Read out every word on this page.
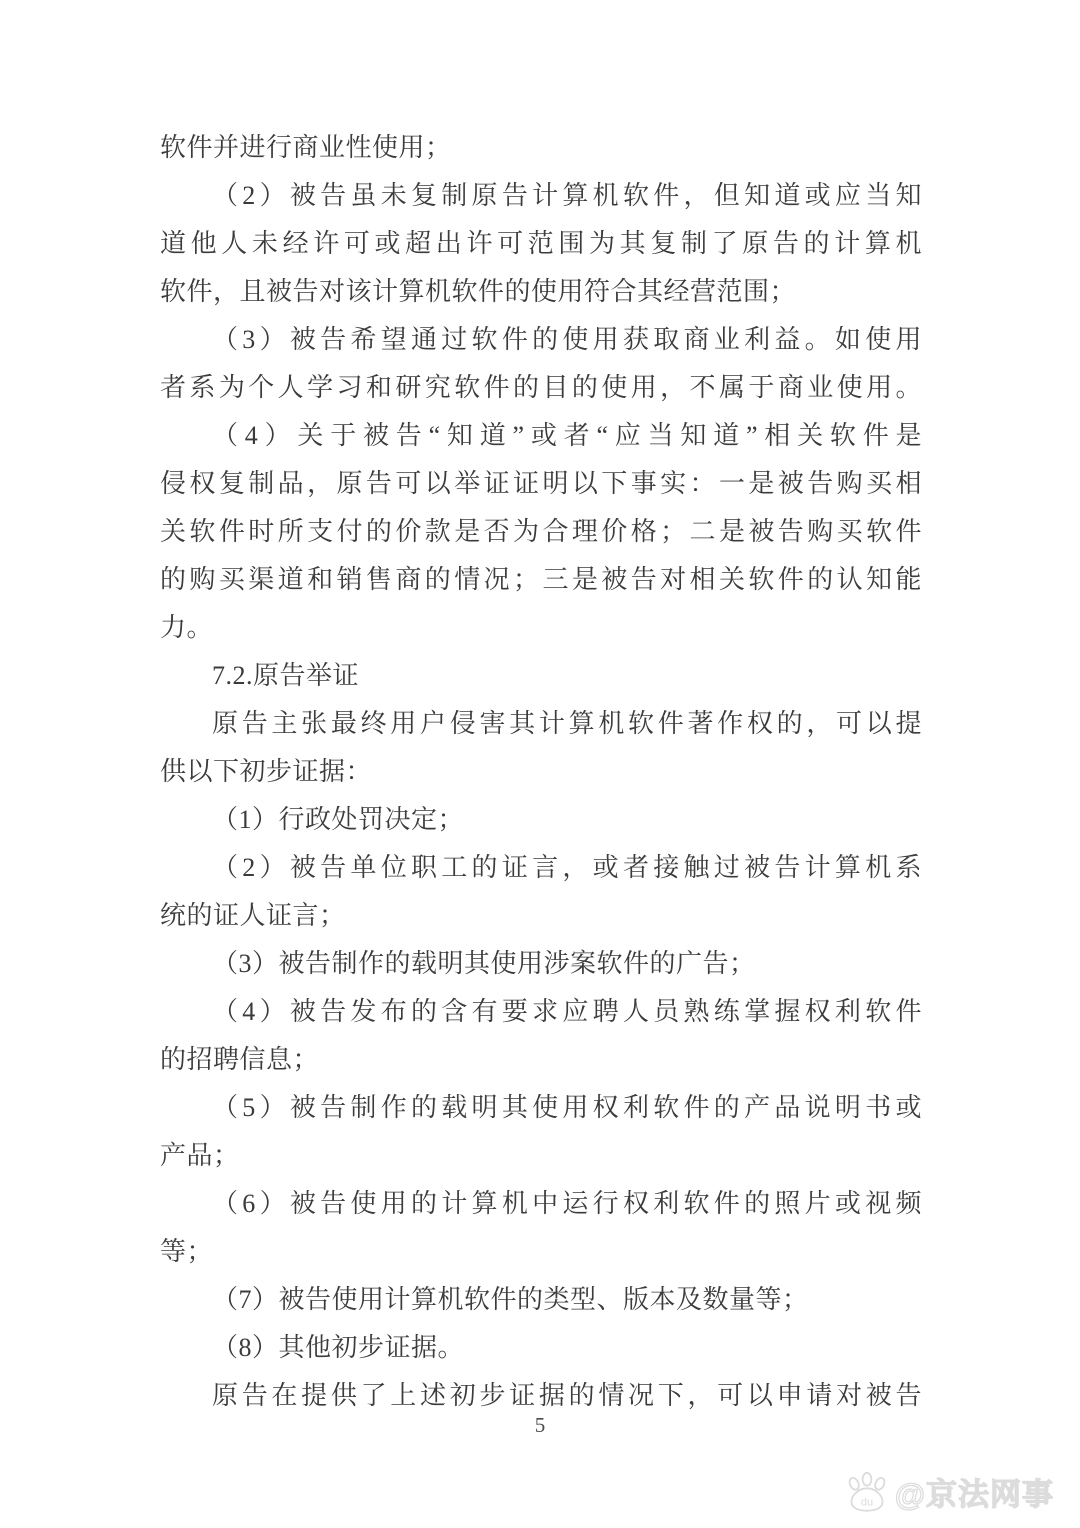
软件并进行商业性使用；
（2）被告虽未复制原告计算机软件，但知道或应当知
道他人未经许可或超出许可范围为其复制了原告的计算机
软件，且被告对该计算机软件的使用符合其经营范围；
（3）被告希望通过软件的使用获取商业利益。如使用
者系为个人学习和研究软件的目的使用，不属于商业使用。
（4）关于被告“知道”或者“应当知道”相关软件是
侵权复制品，原告可以举证证明以下事实：一是被告购买相
关软件时所支付的价款是否为合理价格；二是被告购买软件
的购买渠道和销售商的情况；三是被告对相关软件的认知能
力。
7.2.原告举证
原告主张最终用户侵害其计算机软件著作权的，可以提
供以下初步证据：
（1）行政处罚决定；
（2）被告单位职工的证言，或者接触过被告计算机系
统的证人证言；
（3）被告制作的载明其使用涉案软件的广告；
（4）被告发布的含有要求应聘人员熟练掌握权利软件
的招聘信息；
（5）被告制作的载明其使用权利软件的产品说明书或
产品；
（6）被告使用的计算机中运行权利软件的照片或视频
等；
（7）被告使用计算机软件的类型、版本及数量等；
（8）其他初步证据。
原告在提供了上述初步证据的情况下，可以申请对被告
5
du @京法网事
